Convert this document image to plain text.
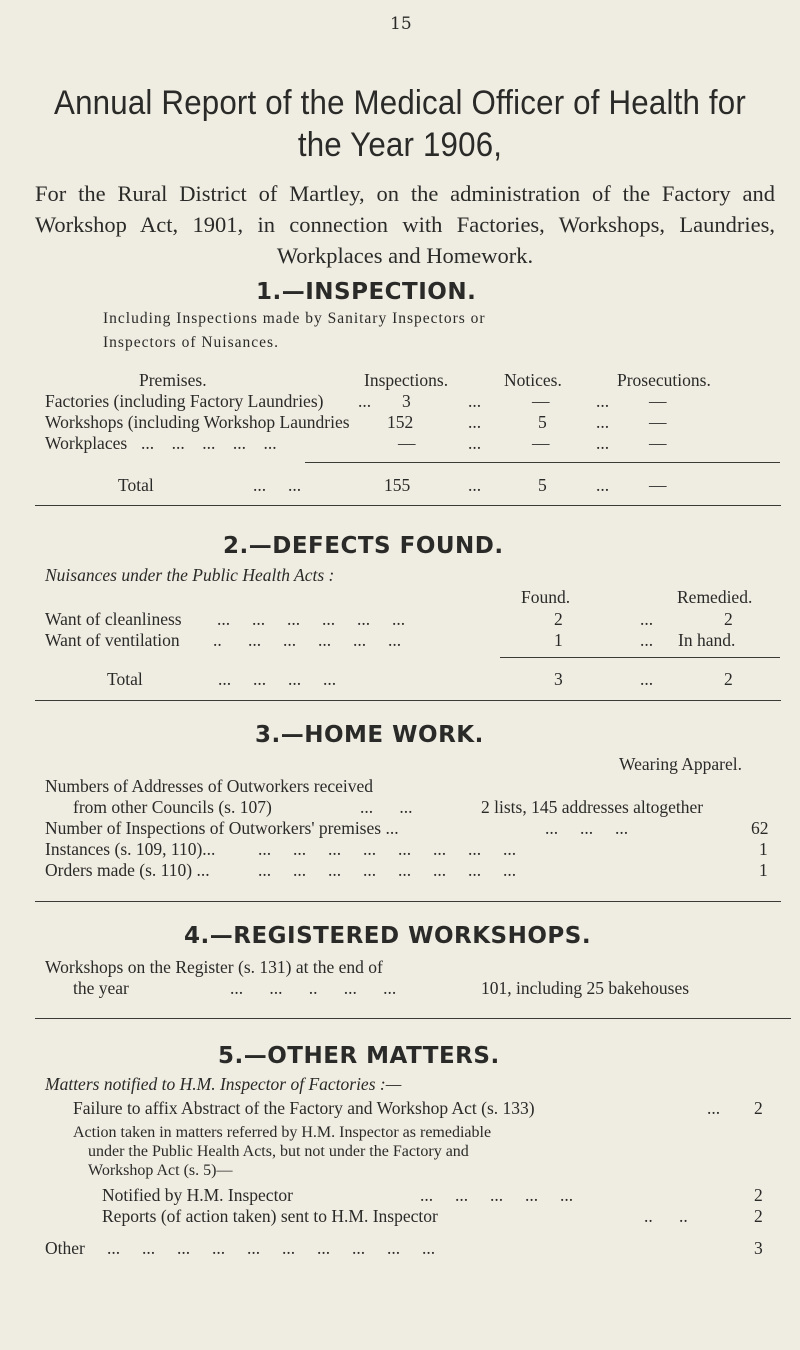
15
Annual Report of the Medical Officer of Health for
the Year 1906,
For the Rural District of Martley, on the administration of the Factory and Workshop Act, 1901, in connection with Factories, Workshops, Laundries, Workplaces and Homework.
1.—INSPECTION.
Including Inspections made by Sanitary Inspectors or
Inspectors of Nuisances.
Premises.	Inspections.	Notices.	Prosecutions.
Factories (including Factory Laundries) ... 3	...	—	... —
Workshops (including Workshop Laundries 152	...	5	... —
Workplaces ...    ...    ...    ...    ...	—	...	—	... —
Total	...     ...	155	...	5	... —
2.—DEFECTS FOUND.
Nuisances under the Public Health Acts :
Found.	Remedied.
Want of cleanliness ...     ...     ...     ...     ...     ...	2	...	2
Want of ventilation ..      ...     ...     ...     ...     ...	1	... In hand.
Total	...     ...     ...     ...	3	...	2
3.—HOME WORK.
Wearing Apparel.
Numbers of Addresses of Outworkers received
from other Councils (s. 107)	...      ...	2 lists, 145 addresses altogether
Number of Inspections of Outworkers' premises ...	...     ...     ...	62
Instances (s. 109, 110)... ...     ...     ...     ...     ...     ...     ...     ...	1
Orders made (s. 110) ...	...     ...     ...     ...     ...     ...     ...     ...	1
4.—REGISTERED WORKSHOPS.
Workshops on the Register (s. 131) at the end of
the year	...      ...      ..      ...      ...	101, including 25 bakehouses
5.—OTHER MATTERS.
Matters notified to H.M. Inspector of Factories :—
Failure to affix Abstract of the Factory and Workshop Act (s. 133)	... 2
Action taken in matters referred by H.M. Inspector as remediable
under the Public Health Acts, but not under the Factory and
Workshop Act (s. 5)—
Notified by H.M. Inspector	...     ...     ...     ...     ...	2
Reports (of action taken) sent to H.M. Inspector	..      ..	2
Other ...     ...     ...     ...     ...     ...     ...     ...     ...     ...	3
